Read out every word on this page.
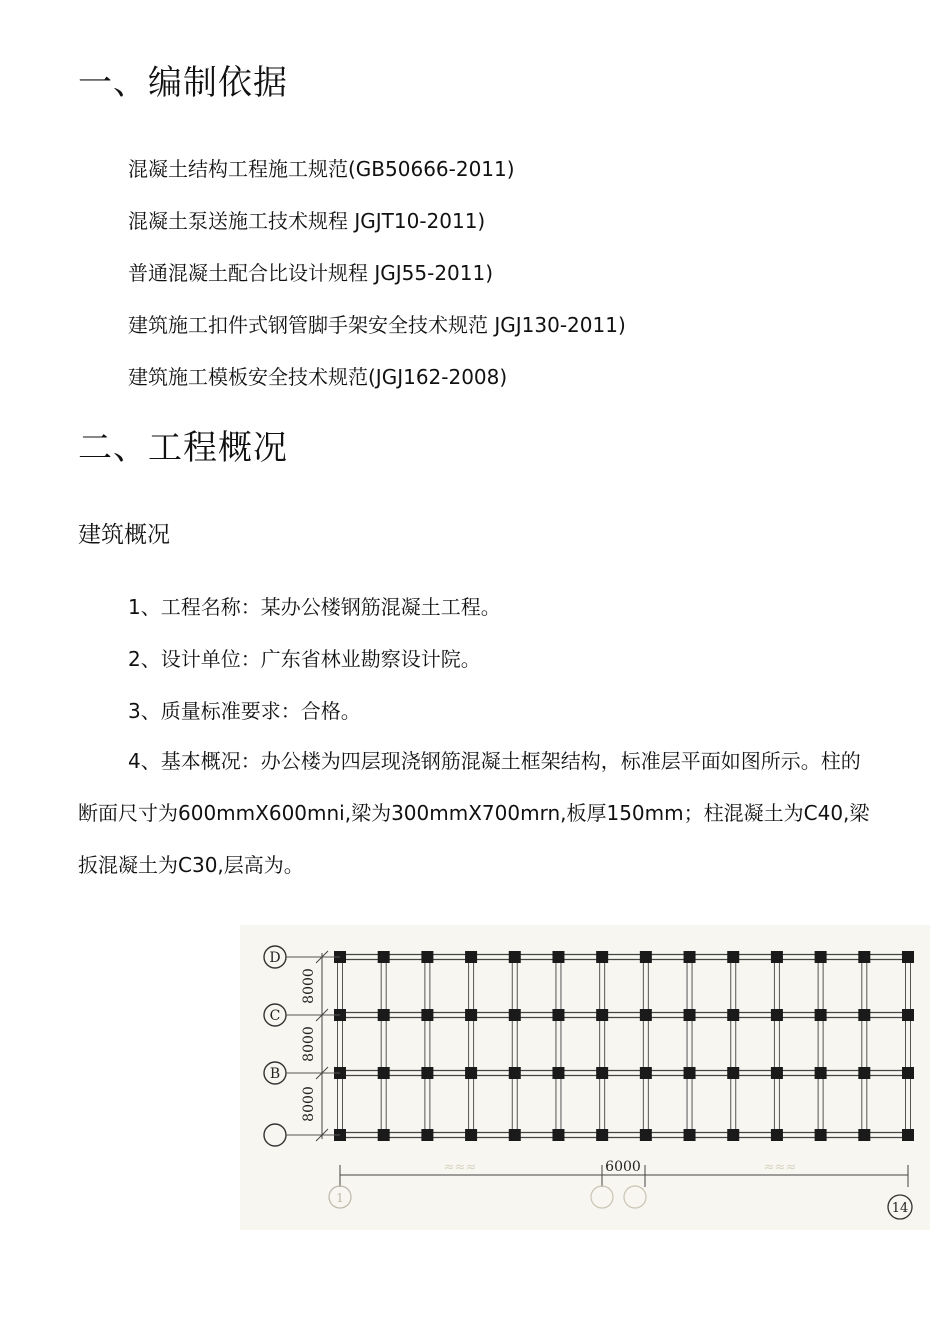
一、编制依据
混凝土结构工程施工规范(GB50666-2011)
混凝土泵送施工技术规程 JGJT10-2011)
普通混凝土配合比设计规程 JGJ55-2011)
建筑施工扣件式钢管脚手架安全技术规范 JGJ130-2011)
建筑施工模板安全技术规范(JGJ162-2008)
二、工程概况
建筑概况
1、工程名称：某办公楼钢筋混凝土工程。
2、设计单位：广东省林业勘察设计院。
3、质量标准要求：合格。

4、基本概况：办公楼为四层现浇钢筋混凝土框架结构，标准层平面如图所示。柱的断面尺寸为600mmX600mni,梁为300mmX700mrn,板厚150mm；柱混凝土为C40,梁扳混凝土为C30,层高为。

D
C
B
8000
8000
8000
6000
≈≈≈	≈≈≈
1
14
